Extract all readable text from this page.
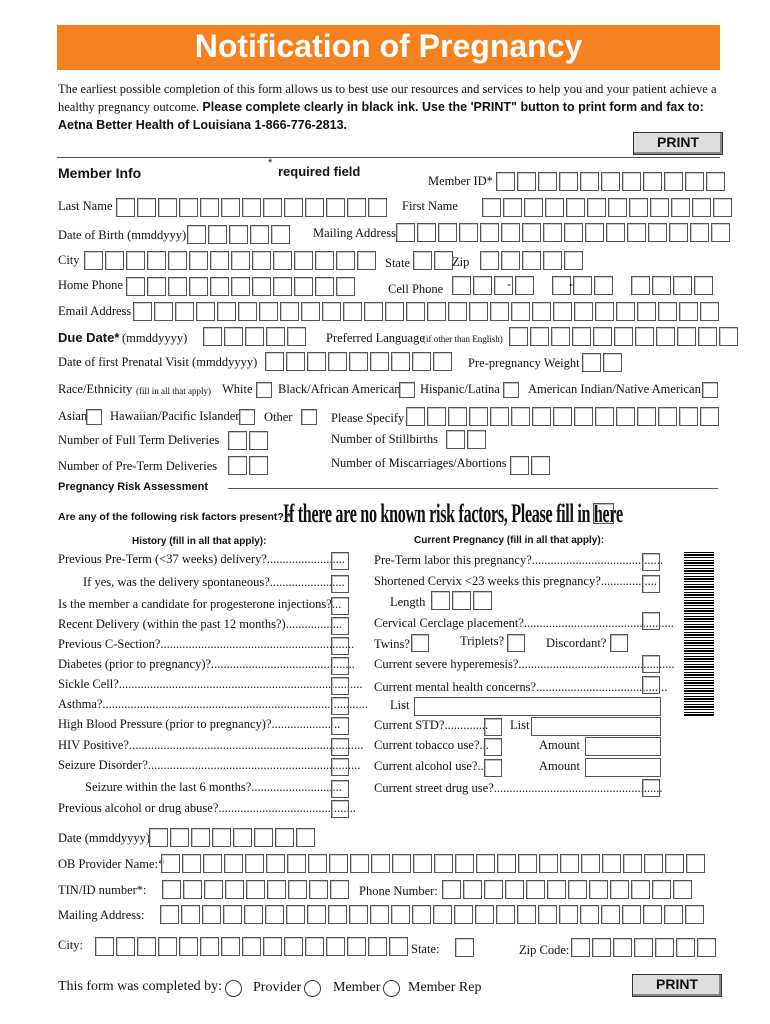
Notification of Pregnancy
The earliest possible completion of this form allows us to best use our resources and services to help you and your patient achieve a healthy pregnancy outcome. Please complete clearly in black ink. Use the 'PRINT" button to print form and fax to: Aetna Better Health of Louisiana 1-866-776-2813.
PRINT
Member Info
*
required field
Member ID*
Last Name	First Name
Date of Birth (mmddyyy)	Mailing Address
City	State	Zip
Home Phone	Cell Phone	-	-
Email Address
Due Date* (mmddyyyy)	Preferred Language
(if other than English)
Date of first Prenatal Visit (mmddyyyy)	Pre-pregnancy Weight
Race/Ethnicity (fill in all that apply) White Black/African American Hispanic/Latina American Indian/Native American
Asian Hawaiian/Pacific Islander Other	Please Specify
Number of Full Term Deliveries	Number of Stillbirths
Number of Pre-Term Deliveries	Number of Miscarriages/Abortions
Pregnancy Risk Assessment
Are any of the following risk factors present? *
If there are no known risk factors, Please fill in here
History (fill in all that apply):	Current Pregnancy (fill in all that apply):
Previous Pre-Term (<37 weeks) delivery?.........................
If yes, was the delivery spontaneous?........................
Is the member a candidate for progesterone injections?...
Recent Delivery (within the past 12 months?)..................
Previous C-Section?..............................................................
Diabetes (prior to pregnancy)?..............................................
Sickle Cell?..............................................................................
Asthma?.....................................................................................
High Blood Pressure (prior to pregnancy)?......................
HIV Positive?...........................................................................
Seizure Disorder?....................................................................
Seizure within the last 6 months?.............................
Previous alcohol or drug abuse?............................................
Pre-Term labor this pregnancy?..........................................
Shortened Cervix <23 weeks this pregnancy?..................
Length
Cervical Cerclage placement?................................................
Twins?	Triplets?	Discordant?
Current severe hyperemesis?..................................................
Current mental health concerns?..........................................
List
Current STD?.............. List
Current tobacco use?...	Amount
Current alcohol use?...	Amount
Current street drug use?......................................................
Date (mmddyyyy)
OB Provider Name:*
TIN/ID number*:	Phone Number:
Mailing Address:
City:	State:	Zip Code:
This form was completed by: Provider Member Member Rep	PRINT
